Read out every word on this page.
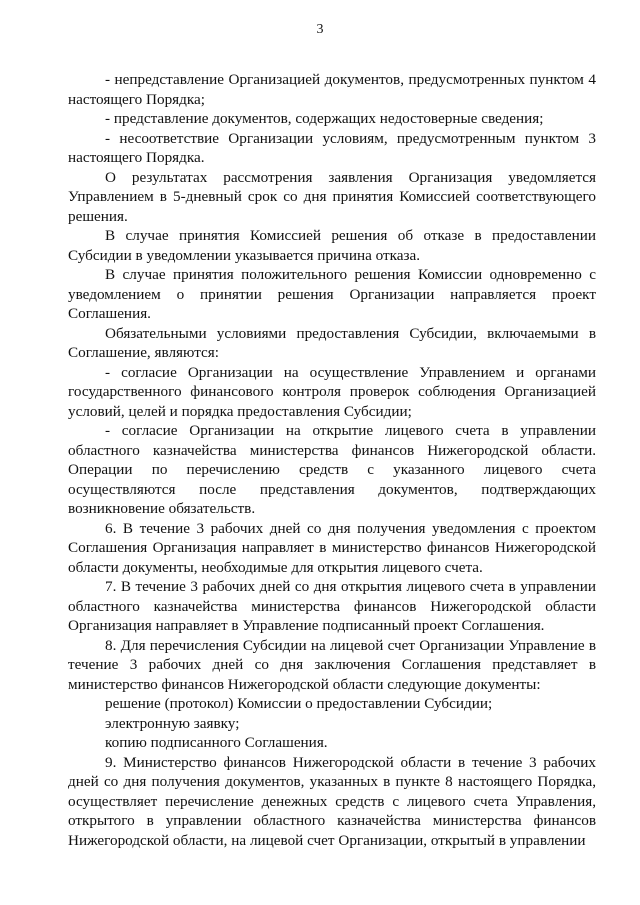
3

- непредставление Организацией документов, предусмотренных пунктом 4 настоящего Порядка;

- представление документов, содержащих недостоверные сведения;

- несоответствие Организации условиям, предусмотренным пунктом 3 настоящего Порядка.

О результатах рассмотрения заявления Организация уведомляется Управлением в 5-дневный срок со дня принятия Комиссией соответствующего решения.

В случае принятия Комиссией решения об отказе в предоставлении Субсидии в уведомлении указывается причина отказа.

В случае принятия положительного решения Комиссии одновременно с уведомлением о принятии решения Организации направляется проект Соглашения.

Обязательными условиями предоставления Субсидии, включаемыми в Соглашение, являются:

- согласие Организации на осуществление Управлением и органами государственного финансового контроля проверок соблюдения Организацией условий, целей и порядка предоставления Субсидии;

- согласие Организации на открытие лицевого счета в управлении областного казначейства министерства финансов Нижегородской области. Операции по перечислению средств с указанного лицевого счета осуществляются после представления документов, подтверждающих возникновение обязательств.

6. В течение 3 рабочих дней со дня получения уведомления с проектом Соглашения Организация направляет в министерство финансов Нижегородской области документы, необходимые для открытия лицевого счета.

7. В течение 3 рабочих дней со дня открытия лицевого счета в управлении областного казначейства министерства финансов Нижегородской области Организация направляет в Управление подписанный проект Соглашения.

8. Для перечисления Субсидии на лицевой счет Организации Управление в течение 3 рабочих дней со дня заключения Соглашения представляет в министерство финансов Нижегородской области следующие документы:

решение (протокол) Комиссии о предоставлении Субсидии;

электронную заявку;

копию подписанного Соглашения.

9. Министерство финансов Нижегородской области в течение 3 рабочих дней со дня получения документов, указанных в пункте 8 настоящего Порядка, осуществляет перечисление денежных средств с лицевого счета Управления, открытого в управлении областного казначейства министерства финансов Нижегородской области, на лицевой счет Организации, открытый в управлении
